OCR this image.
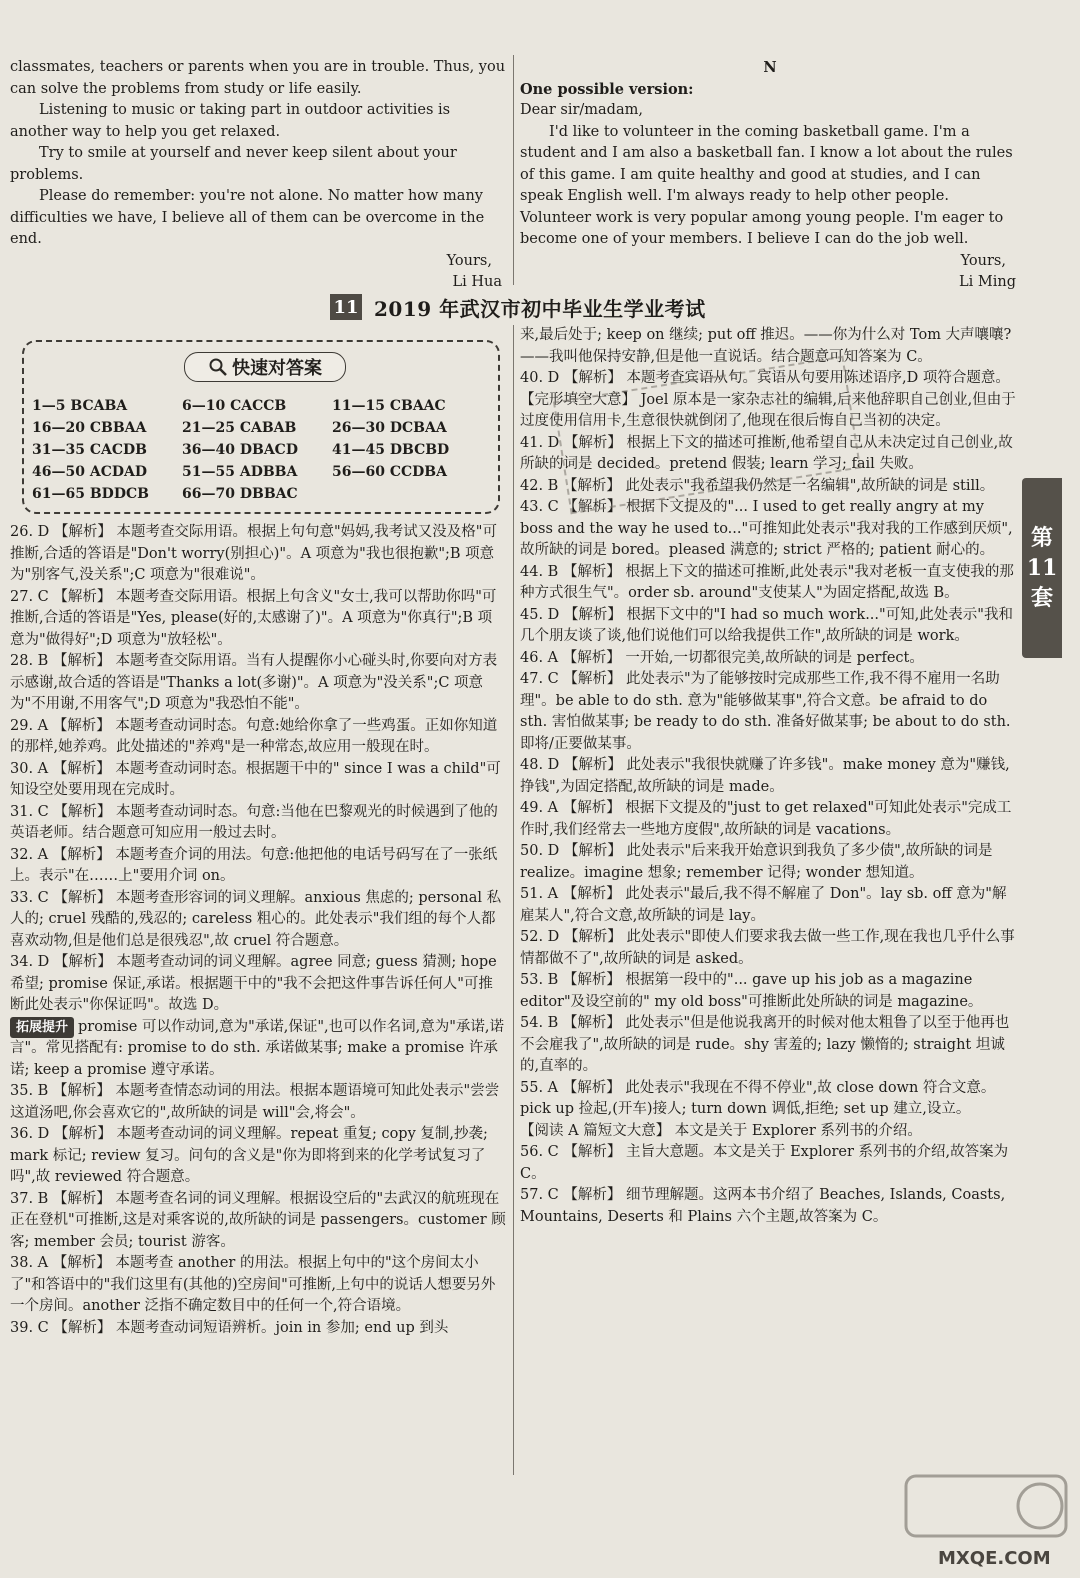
classmates, teachers or parents when you are in trouble. Thus, you can solve the problems from study or life easily.

Listening to music or taking part in outdoor activities is another way to help you get relaxed.

Try to smile at yourself and never keep silent about your problems.

Please do remember: you're not alone. No matter how many difficulties we have, I believe all of them can be overcome in the end.

Yours,

Li Hua

N

One possible version:

Dear sir/madam,

I'd like to volunteer in the coming basketball game. I'm a student and I am also a basketball fan. I know a lot about the rules of this game. I am quite healthy and good at studies, and I can speak English well. I'm always ready to help other people. Volunteer work is very popular among young people. I'm eager to become one of your members. I believe I can do the job well.

Yours,

Li Ming

11 2019 年武汉市初中毕业生学业考试
快速对答案
1—5 BCABA	6—10 CACCB	11—15 CBAAC
16—20 CBBAA	21—25 CABAB	26—30 DCBAA
31—35 CACDB	36—40 DBACD	41—45 DBCBD
46—50 ACDAD	51—55 ADBBA	56—60 CCDBA
61—65 BDDCB	66—70 DBBAC

26. D 【解析】 本题考查交际用语。根据上句句意"妈妈,我考试又没及格"可推断,合适的答语是"Don't worry(别担心)"。A 项意为"我也很抱歉";B 项意为"别客气,没关系";C 项意为"很难说"。

27. C 【解析】 本题考查交际用语。根据上句含义"女士,我可以帮助你吗"可推断,合适的答语是"Yes, please(好的,太感谢了)"。A 项意为"你真行";B 项意为"做得好";D 项意为"放轻松"。

28. B 【解析】 本题考查交际用语。当有人提醒你小心碰头时,你要向对方表示感谢,故合适的答语是"Thanks a lot(多谢)"。A 项意为"没关系";C 项意为"不用谢,不用客气";D 项意为"我恐怕不能"。

29. A 【解析】 本题考查动词时态。句意:她给你拿了一些鸡蛋。正如你知道的那样,她养鸡。此处描述的"养鸡"是一种常态,故应用一般现在时。

30. A 【解析】 本题考查动词时态。根据题干中的" since I was a child"可知设空处要用现在完成时。

31. C 【解析】 本题考查动词时态。句意:当他在巴黎观光的时候遇到了他的英语老师。结合题意可知应用一般过去时。

32. A 【解析】 本题考查介词的用法。句意:他把他的电话号码写在了一张纸上。表示"在……上"要用介词 on。

33. C 【解析】 本题考查形容词的词义理解。anxious 焦虑的; personal 私人的; cruel 残酷的,残忍的; careless 粗心的。此处表示"我们组的每个人都喜欢动物,但是他们总是很残忍",故 cruel 符合题意。

34. D 【解析】 本题考查动词的词义理解。agree 同意; guess 猜测; hope 希望; promise 保证,承诺。根据题干中的"我不会把这件事告诉任何人"可推断此处表示"你保证吗"。故选 D。

拓展提升 promise 可以作动词,意为"承诺,保证",也可以作名词,意为"承诺,诺言"。常见搭配有: promise to do sth. 承诺做某事; make a promise 许承诺; keep a promise 遵守承诺。

35. B 【解析】 本题考查情态动词的用法。根据本题语境可知此处表示"尝尝这道汤吧,你会喜欢它的",故所缺的词是 will"会,将会"。

36. D 【解析】 本题考查动词的词义理解。repeat 重复; copy 复制,抄袭; mark 标记; review 复习。问句的含义是"你为即将到来的化学考试复习了吗",故 reviewed 符合题意。

37. B 【解析】 本题考查名词的词义理解。根据设空后的"去武汉的航班现在正在登机"可推断,这是对乘客说的,故所缺的词是 passengers。customer 顾客; member 会员; tourist 游客。

38. A 【解析】 本题考查 another 的用法。根据上句中的"这个房间太小了"和答语中的"我们这里有(其他的)空房间"可推断,上句中的说话人想要另外一个房间。another 泛指不确定数目中的任何一个,符合语境。

39. C 【解析】 本题考查动词短语辨析。join in 参加; end up 到头

来,最后处于; keep on 继续; put off 推迟。——你为什么对 Tom 大声嚷嚷?——我叫他保持安静,但是他一直说话。结合题意可知答案为 C。

40. D 【解析】 本题考查宾语从句。宾语从句要用陈述语序,D 项符合题意。

【完形填空大意】 Joel 原本是一家杂志社的编辑,后来他辞职自己创业,但由于过度使用信用卡,生意很快就倒闭了,他现在很后悔自己当初的决定。

41. D 【解析】 根据上下文的描述可推断,他希望自己从未决定过自己创业,故所缺的词是 decided。pretend 假装; learn 学习; fail 失败。

42. B 【解析】 此处表示"我希望我仍然是一名编辑",故所缺的词是 still。

43. C 【解析】 根据下文提及的"... I used to get really angry at my boss and the way he used to..."可推知此处表示"我对我的工作感到厌烦",故所缺的词是 bored。pleased 满意的; strict 严格的; patient 耐心的。

44. B 【解析】 根据上下文的描述可推断,此处表示"我对老板一直支使我的那种方式很生气"。order sb. around"支使某人"为固定搭配,故选 B。

45. D 【解析】 根据下文中的"I had so much work..."可知,此处表示"我和几个朋友谈了谈,他们说他们可以给我提供工作",故所缺的词是 work。

46. A 【解析】 一开始,一切都很完美,故所缺的词是 perfect。

47. C 【解析】 此处表示"为了能够按时完成那些工作,我不得不雇用一名助理"。be able to do sth. 意为"能够做某事",符合文意。be afraid to do sth. 害怕做某事; be ready to do sth. 准备好做某事; be about to do sth. 即将/正要做某事。

48. D 【解析】 此处表示"我很快就赚了许多钱"。make money 意为"赚钱,挣钱",为固定搭配,故所缺的词是 made。

49. A 【解析】 根据下文提及的"just to get relaxed"可知此处表示"完成工作时,我们经常去一些地方度假",故所缺的词是 vacations。

50. D 【解析】 此处表示"后来我开始意识到我负了多少债",故所缺的词是 realize。imagine 想象; remember 记得; wonder 想知道。

51. A 【解析】 此处表示"最后,我不得不解雇了 Don"。lay sb. off 意为"解雇某人",符合文意,故所缺的词是 lay。

52. D 【解析】 此处表示"即使人们要求我去做一些工作,现在我也几乎什么事情都做不了",故所缺的词是 asked。

53. B 【解析】 根据第一段中的"... gave up his job as a magazine editor"及设空前的" my old boss"可推断此处所缺的词是 magazine。

54. B 【解析】 此处表示"但是他说我离开的时候对他太粗鲁了以至于他再也不会雇我了",故所缺的词是 rude。shy 害羞的; lazy 懒惰的; straight 坦诚的,直率的。

55. A 【解析】 此处表示"我现在不得不停业",故 close down 符合文意。pick up 捡起,(开车)接人; turn down 调低,拒绝; set up 建立,设立。

【阅读 A 篇短文大意】 本文是关于 Explorer 系列书的介绍。

56. C 【解析】 主旨大意题。本文是关于 Explorer 系列书的介绍,故答案为 C。

57. C 【解析】 细节理解题。这两本书介绍了 Beaches, Islands, Coasts, Mountains, Deserts 和 Plains 六个主题,故答案为 C。

第
11
套
MXQE.COM
